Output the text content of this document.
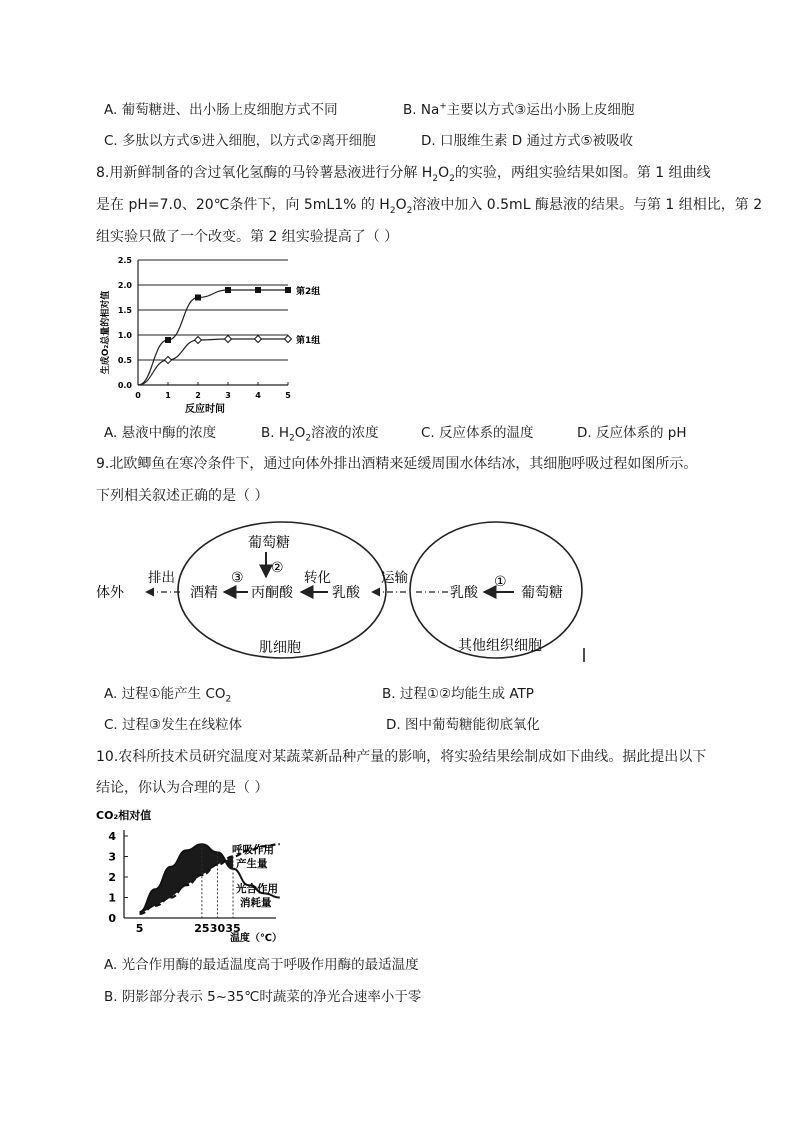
A. 葡萄糖进、出小肠上皮细胞方式不同	B. Na+主要以方式③运出小肠上皮细胞
C. 多肽以方式⑤进入细胞，以方式②离开细胞	D. 口服维生素 D 通过方式⑤被吸收
8.用新鲜制备的含过氧化氢酶的马铃薯悬液进行分解 $H_2O_2$的实验，两组实验结果如图。第 1 组曲线
是在 pH=7.0、20℃条件下，向 5mL1% 的 $H_2O_2$溶液中加入 0.5mL 酶悬液的结果。与第 1 组相比，第 2
组实验只做了一个改变。第 2 组实验提高了（ ）
0.0
0.5
1.0
1.5
2.0
2.5
0	1	2	3	4	5
反应时间
生成O₂总量的相对值	第2组
第1组
A. 悬液中酶的浓度	B. $H_2O_2$溶液的浓度	C. 反应体系的温度	D. 反应体系的 pH
9.北欧鲫鱼在寒冷条件下，通过向体外排出酒精来延缓周围水体结冰，其细胞呼吸过程如图所示。
下列相关叙述正确的是（ ）
体外
排出
酒精
③
葡萄糖
②
丙酮酸
转化
乳酸
运输
乳酸
①
葡萄糖
肌细胞	其他组织细胞
A. 过程①能产生 $CO_2$	B. 过程①②均能生成 ATP
C. 过程③发生在线粒体	D. 图中葡萄糖能彻底氧化
10.农科所技术员研究温度对某蔬菜新品种产量的影响，将实验结果绘制成如下曲线。据此提出以下
结论，你认为合理的是（ ）
CO₂相对值
0
1
2
3
4
5	25 30 35
温度（℃）
呼吸作用
产生量
光合作用
消耗量
A. 光合作用酶的最适温度高于呼吸作用酶的最适温度
B. 阴影部分表示 5~35℃时蔬菜的净光合速率小于零
